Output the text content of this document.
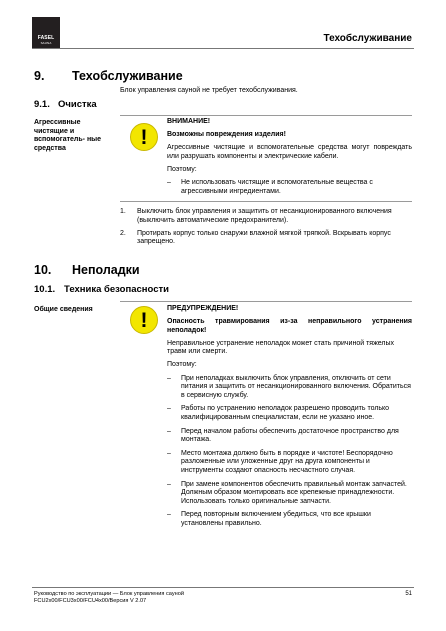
FASEL
SAUNA	Техобслуживание
9. Техобслуживание
Блок управления сауной не требует техобслуживания.
9.1. Очистка
Агрессивные чистящие и вспомогатель- ные средства	!

ВНИМАНИЕ!

Возможны повреждения изделия!

Агрессивные чистящие и вспомогательные средства могут повреждать или разрушать компоненты и электрические кабели.

Поэтому:

– Не использовать чистящие и вспомогательные вещества с агрессивными ингредиентами.
1. Выключить блок управления и защитить от несанкционированного включения (выключить автоматические предохранители).
2. Протирать корпус только снаружи влажной мягкой тряпкой. Вскрывать корпус запрещено.
10. Неполадки
10.1. Техника безопасности
Общие сведения	!

ПРЕДУПРЕЖДЕНИЕ!

Опасность травмирования из-за неправильного устранения неполадок!

Неправильное устранение неполадок может стать причиной тяжелых травм или смерти.

Поэтому:

– При неполадках выключить блок управления, отключить от сети питания и защитить от несанкционированного включения. Обратиться в сервисную службу.
– Работы по устранению неполадок разрешено проводить только квалифицированным специалистам, если не указано иное.
– Перед началом работы обеспечить достаточное пространство для монтажа.
– Место монтажа должно быть в порядке и чистоте! Беспорядочно разложенные или уложенные друг на друга компоненты и инструменты создают опасность несчастного случая.
– При замене компонентов обеспечить правильный монтаж запчастей. Должным образом монтировать все крепежные принадлежности. Использовать только оригинальные запчасти.
– Перед повторным включением убедиться, что все крышки установлены правильно.
Руководство по эксплуатации — Блок управления сауной
FCU2x00/FCU3x00/FCU4x00/Версия V 2.07
51
